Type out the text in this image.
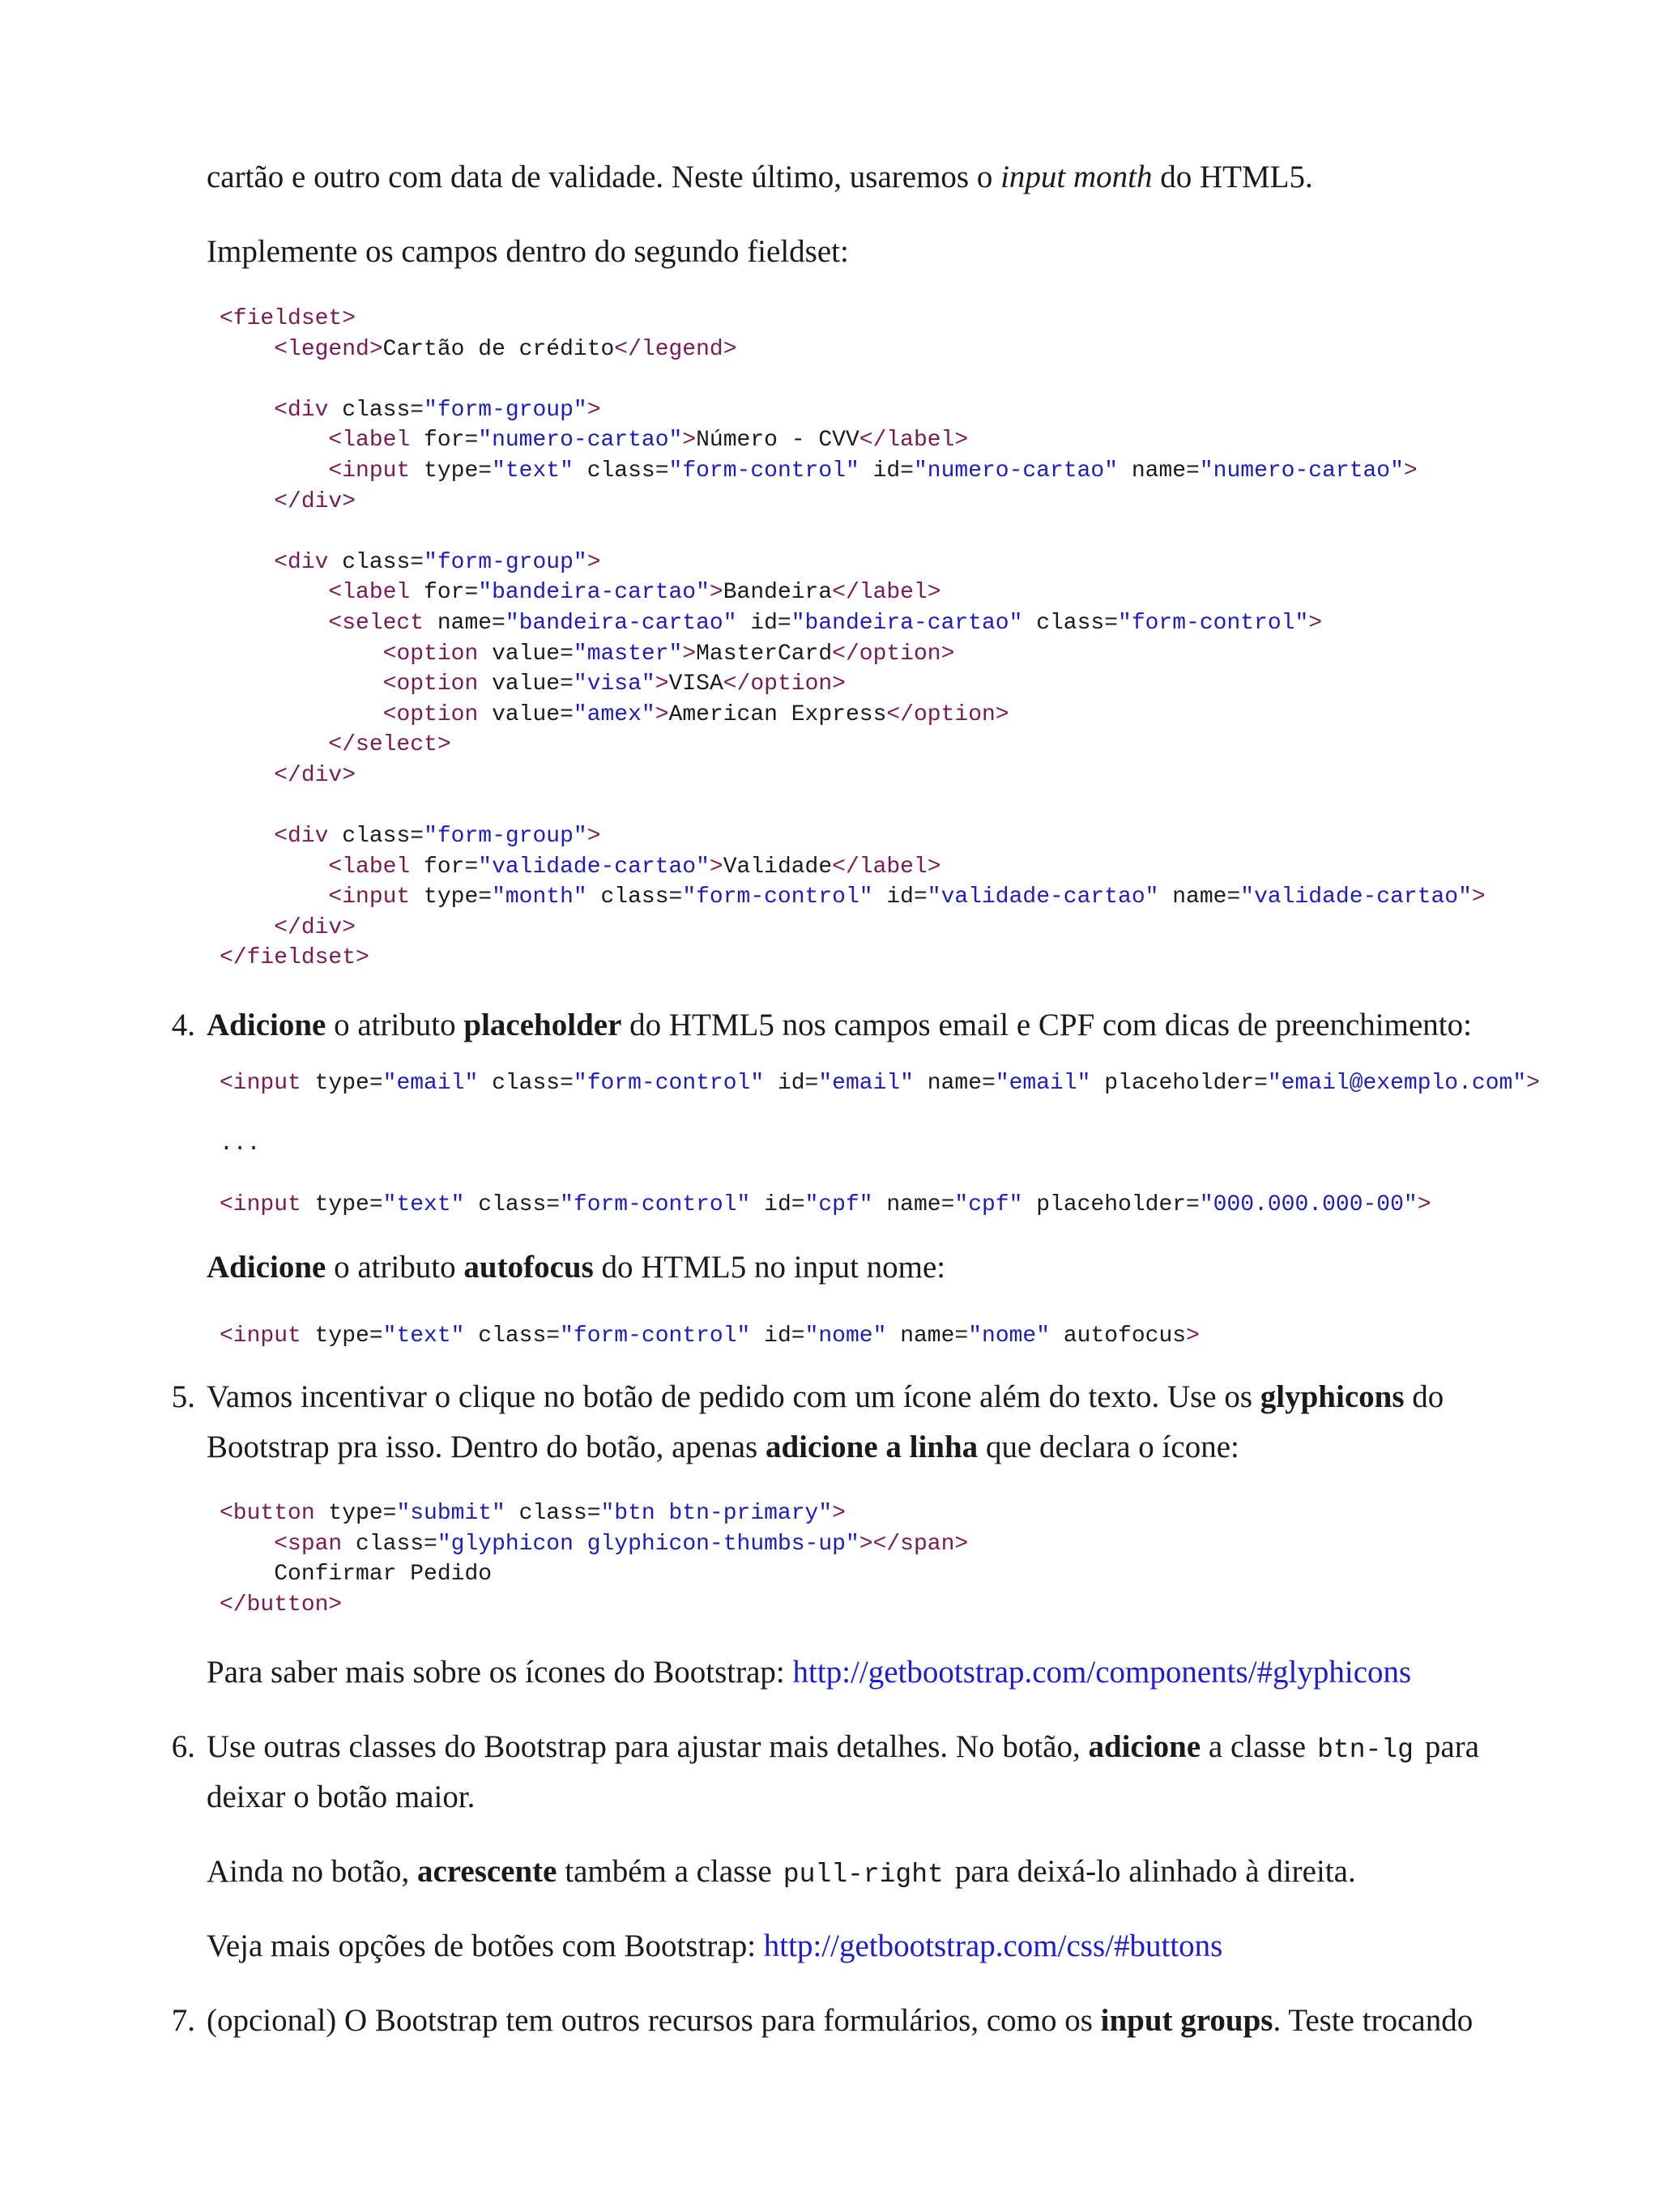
cartão e outro com data de validade. Neste último, usaremos o input month do HTML5.

Implemente os campos dentro do segundo fieldset:

<fieldset>
<legend>Cartão de crédito</legend>
<div class="form-group">
<label for="numero-cartao">Número - CVV</label>
<input type="text" class="form-control" id="numero-cartao" name="numero-cartao">
</div>
<div class="form-group">
<label for="bandeira-cartao">Bandeira</label>
<select name="bandeira-cartao" id="bandeira-cartao" class="form-control">
<option value="master">MasterCard</option>
<option value="visa">VISA</option>
<option value="amex">American Express</option>
</select>
</div>
<div class="form-group">
<label for="validade-cartao">Validade</label>
<input type="month" class="form-control" id="validade-cartao" name="validade-cartao">
</div>
</fieldset>
4. Adicione o atributo placeholder do HTML5 nos campos email e CPF com dicas de preenchimento:

<input type="email" class="form-control" id="email" name="email" placeholder="email@exemplo.com">
...
<input type="text" class="form-control" id="cpf" name="cpf" placeholder="000.000.000-00">

Adicione o atributo autofocus do HTML5 no input nome:

<input type="text" class="form-control" id="nome" name="nome" autofocus>
5. Vamos incentivar o clique no botão de pedido com um ícone além do texto. Use os glyphicons do

Bootstrap pra isso. Dentro do botão, apenas adicione a linha que declara o ícone:

<button type="submit" class="btn btn-primary">
<span class="glyphicon glyphicon-thumbs-up"></span>
Confirmar Pedido
</button>

Para saber mais sobre os ícones do Bootstrap: http://getbootstrap.com/components/#glyphicons

6. Use outras classes do Bootstrap para ajustar mais detalhes. No botão, adicione a classe btn-lg para

deixar o botão maior.

Ainda no botão, acrescente também a classe pull-right para deixá-lo alinhado à direita.

Veja mais opções de botões com Bootstrap: http://getbootstrap.com/css/#buttons

7. (opcional) O Bootstrap tem outros recursos para formulários, como os input groups. Teste trocando
